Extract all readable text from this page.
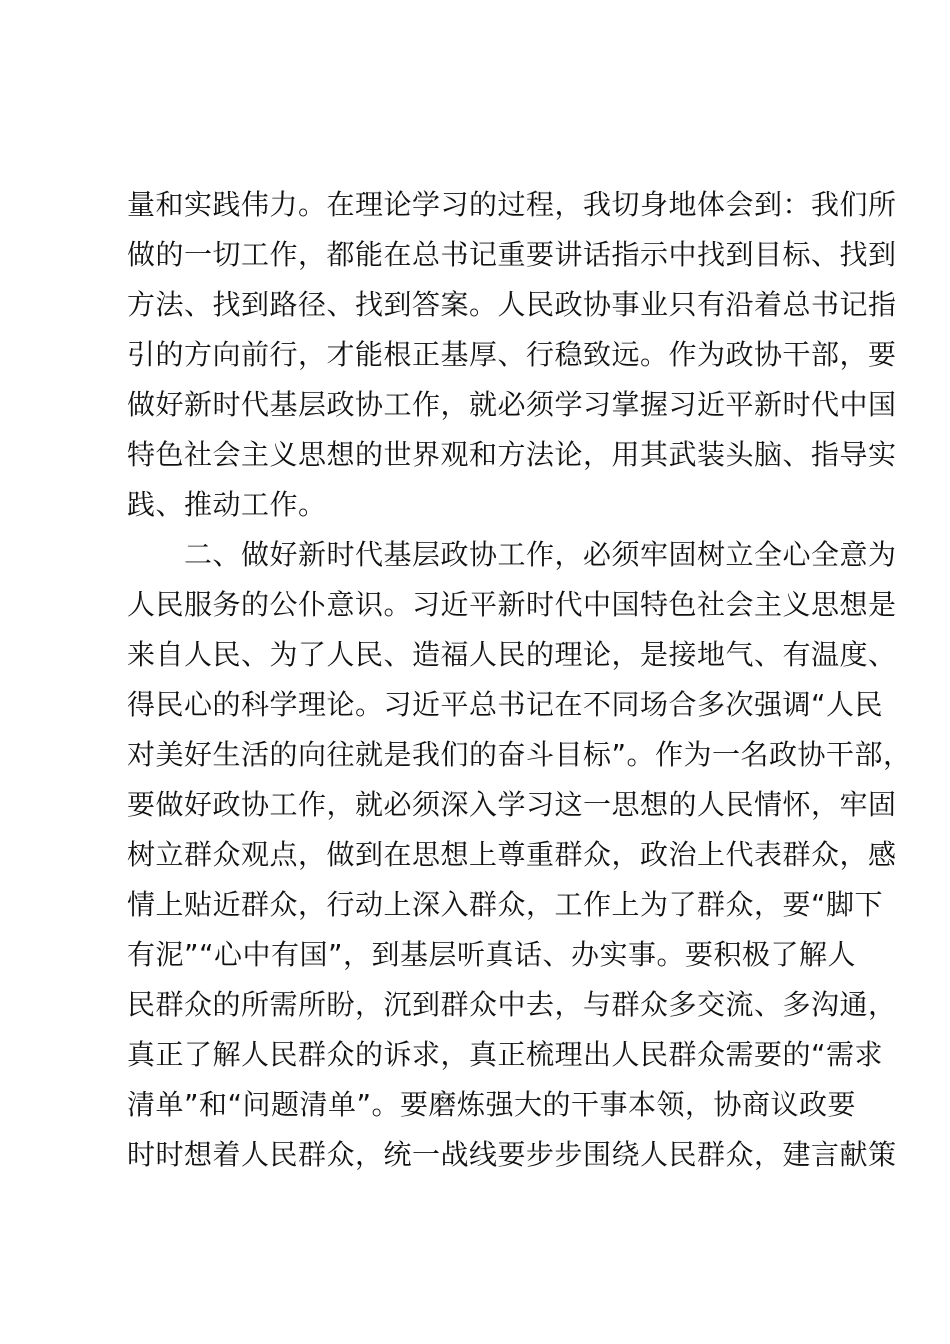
量和实践伟力。在理论学习的过程，我切身地体会到：我们所
做的一切工作，都能在总书记重要讲话指示中找到目标、找到
方法、找到路径、找到答案。人民政协事业只有沿着总书记指
引的方向前行，才能根正基厚、行稳致远。作为政协干部，要
做好新时代基层政协工作，就必须学习掌握习近平新时代中国
特色社会主义思想的世界观和方法论，用其武装头脑、指导实
践、推动工作。
　　二、做好新时代基层政协工作，必须牢固树立全心全意为
人民服务的公仆意识。习近平新时代中国特色社会主义思想是
来自人民、为了人民、造福人民的理论，是接地气、有温度、
得民心的科学理论。习近平总书记在不同场合多次强调“人民
对美好生活的向往就是我们的奋斗目标”。作为一名政协干部，
要做好政协工作，就必须深入学习这一思想的人民情怀，牢固
树立群众观点，做到在思想上尊重群众，政治上代表群众，感
情上贴近群众，行动上深入群众，工作上为了群众，要“脚下
有泥”“心中有国”，到基层听真话、办实事。要积极了解人
民群众的所需所盼，沉到群众中去，与群众多交流、多沟通，
真正了解人民群众的诉求，真正梳理出人民群众需要的“需求
清单”和“问题清单”。要磨炼强大的干事本领，协商议政要
时时想着人民群众，统一战线要步步围绕人民群众，建言献策
